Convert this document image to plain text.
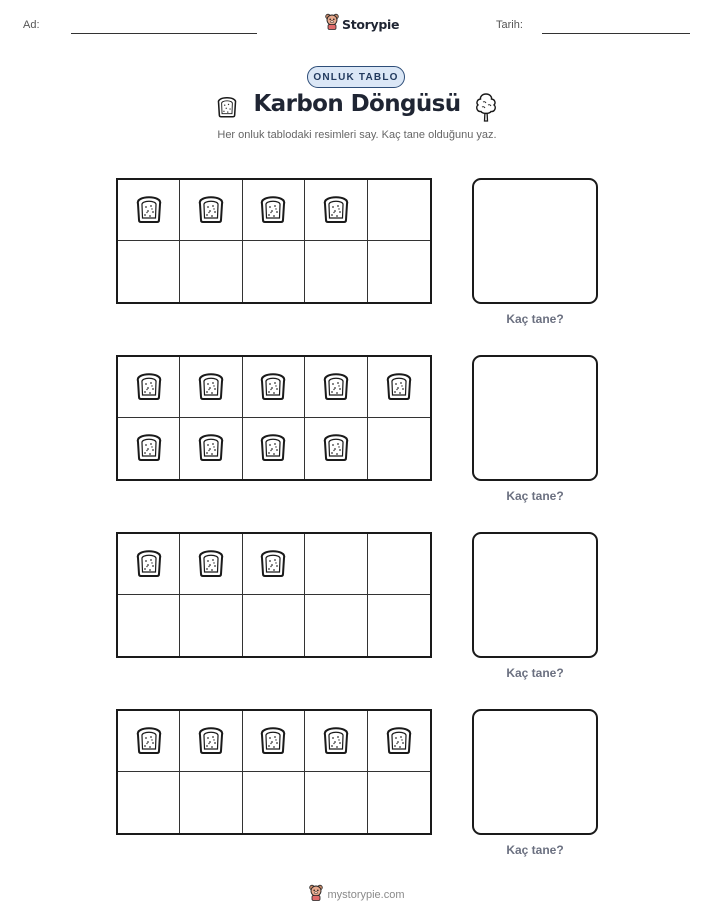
Ad:	Tarih:
Storypie
ONLUK TABLO
Karbon Döngüsü
Her onluk tablodaki resimleri say. Kaç tane olduğunu yaz.
Kaç tane?
Kaç tane?
Kaç tane?
Kaç tane?
mystorypie.com
